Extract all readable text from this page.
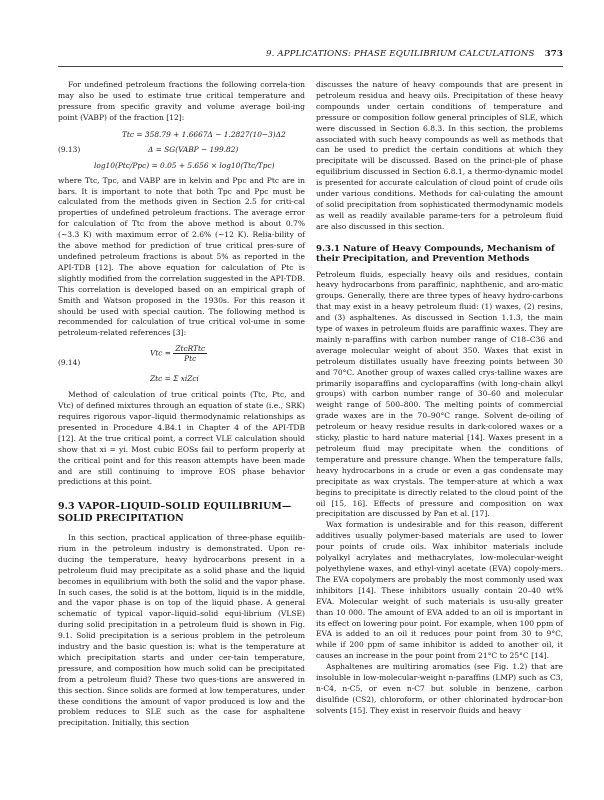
9. APPLICATIONS: PHASE EQUILIBRIUM CALCULATIONS 373

For undefined petroleum fractions the following correla-tion may also be used to estimate true critical temperature and pressure from specific gravity and volume average boil-ing point (VABP) of the fraction [12]:

Ttc = 358.79 + 1.6667Δ − 1.2827(10−3)Δ2
(9.13)	Δ = SG(VABP − 199.82)
log10(Ptc/Ppc) = 0.05 + 5.656 × log10(Ttc/Tpc)

where Ttc, Tpc, and VABP are in kelvin and Ppc and Ptc are in bars. It is important to note that both Tpc and Ppc must be calculated from the methods given in Section 2.5 for criti-cal properties of undefined petroleum fractions. The average error for calculation of Ttc from the above method is about 0.7% (∼3.3 K) with maximum error of 2.6% (∼12 K). Relia-bility of the above method for prediction of true critical pres-sure of undefined petroleum fractions is about 5% as reported in the API-TDB [12]. The above equation for calculation of Ptc is slightly modified from the correlation suggested in the API-TDB. This correlation is developed based on an empirical graph of Smith and Watson proposed in the 1930s. For this reason it should be used with special caution. The following method is recommended for calculation of true critical vol-ume in some petroleum-related references [3]:

Vtc = $\frac{\text{ZtcRTtc}}{\text{Ptc}}$
(9.14)
Ztc = Σ xiZci

Method of calculation of true critical points (Ttc, Ptc, and Vtc) of defined mixtures through an equation of state (i.e., SRK) requires rigorous vapor–liquid thermodynamic relationships as presented in Procedure 4.B4.1 in Chapter 4 of the API-TDB [12]. At the true critical point, a correct VLE calculation should show that xi = yi. Most cubic EOSs fail to perform properly at the critical point and for this reason attempts have been made and are still continuing to improve EOS phase behavior predictions at this point.

9.3 VAPOR–LIQUID–SOLID EQUILIBRIUM—SOLID PRECIPITATION

In this section, practical application of three-phase equilib-rium in the petroleum industry is demonstrated. Upon re-ducing the temperature, heavy hydrocarbons present in a petroleum fluid may precipitate as a solid phase and the liquid becomes in equilibrium with both the solid and the vapor phase. In such cases, the solid is at the bottom, liquid is in the middle, and the vapor phase is on top of the liquid phase. A general schematic of typical vapor–liquid–solid equi-librium (VLSE) during solid precipitation in a petroleum fluid is shown in Fig. 9.1. Solid precipitation is a serious problem in the petroleum industry and the basic question is: what is the temperature at which precipitation starts and under cer-tain temperature, pressure, and composition how much solid can be precipitated from a petroleum fluid? These two ques-tions are answered in this section. Since solids are formed at low temperatures, under these conditions the amount of vapor produced is low and the problem reduces to SLE such as the case for asphaltene precipitation. Initially, this section

discusses the nature of heavy compounds that are present in petroleum residua and heavy oils. Precipitation of these heavy compounds under certain conditions of temperature and pressure or composition follow general principles of SLE, which were discussed in Section 6.8.3. In this section, the problems associated with such heavy compounds as well as methods that can be used to predict the certain conditions at which they precipitate will be discussed. Based on the princi-ple of phase equilibrium discussed in Section 6.8.1, a thermo-dynamic model is presented for accurate calculation of cloud point of crude oils under various conditions. Methods for cal-culating the amount of solid precipitation from sophisticated thermodynamic models as well as readily available parame-ters for a petroleum fluid are also discussed in this section.

9.3.1 Nature of Heavy Compounds, Mechanism of their Precipitation, and Prevention Methods

Petroleum fluids, especially heavy oils and residues, contain heavy hydrocarbons from paraffinic, naphthenic, and aro-matic groups. Generally, there are three types of heavy hydro-carbons that may exist in a heavy petroleum fluid: (1) waxes, (2) resins, and (3) asphaltenes. As discussed in Section 1.1.3, the main type of waxes in petroleum fluids are paraffinic waxes. They are mainly n-paraffins with carbon number range of C18–C36 and average molecular weight of about 350. Waxes that exist in petroleum distillates usually have freezing points between 30 and 70°C. Another group of waxes called crys-talline waxes are primarily isoparaffins and cycloparaffins (with long-chain alkyl groups) with carbon number range of 30–60 and molecular weight range of 500–800. The melting points of commercial grade waxes are in the 70–90°C range. Solvent de-oiling of petroleum or heavy residue results in dark-colored waxes or a sticky, plastic to hard nature material [14]. Waxes present in a petroleum fluid may precipitate when the conditions of temperature and pressure change. When the temperature falls, heavy hydrocarbons in a crude or even a gas condensate may precipitate as wax crystals. The temper-ature at which a wax begins to precipitate is directly related to the cloud point of the oil [15, 16]. Effects of pressure and composition on wax precipitation are discussed by Pan et al. [17].

Wax formation is undesirable and for this reason, different additives usually polymer-based materials are used to lower pour points of crude oils. Wax inhibitor materials include polyalkyl acrylates and methacrylates, low-molecular-weight polyethylene waxes, and ethyl-vinyl acetate (EVA) copoly-mers. The EVA copolymers are probably the most commonly used wax inhibitors [14]. These inhibitors usually contain 20–40 wt% EVA. Molecular weight of such materials is usu-ally greater than 10 000. The amount of EVA added to an oil is important in its effect on lowering pour point. For example, when 100 ppm of EVA is added to an oil it reduces pour point from 30 to 9°C, while if 200 ppm of same inhibitor is added to another oil, it causes an increase in the pour point from 21°C to 25°C [14].

Asphaltenes are multiring aromatics (see Fig. 1.2) that are insoluble in low-molecular-weight n-paraffins (LMP) such as C3, n-C4, n-C5, or even n-C7 but soluble in benzene, carbon disulfide (CS2), chloroform, or other chlorinated hydrocar-bon solvents [15]. They exist in reservoir fluids and heavy
